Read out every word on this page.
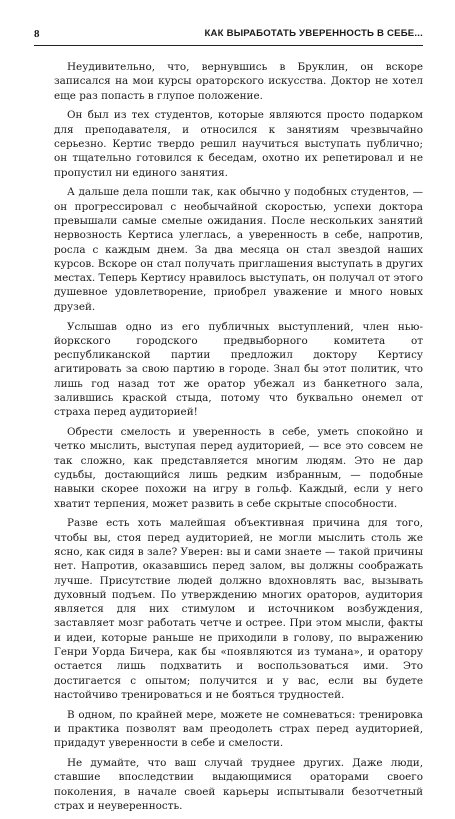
8	КАК ВЫРАБОТАТЬ УВЕРЕННОСТЬ В СЕБЕ...

Неудивительно, что, вернувшись в Бруклин, он вскоре записался на мои курсы ораторского искусства. Доктор не хотел еще раз попасть в глупое положение.

Он был из тех студентов, которые являются просто подарком для преподавателя, и относился к занятиям чрезвычайно серьезно. Кертис твердо решил научиться выступать публично; он тщательно готовился к беседам, охотно их репетировал и не пропустил ни единого занятия.

А дальше дела пошли так, как обычно у подобных студентов, — он прогрессировал с необычайной скоростью, успехи доктора превышали самые смелые ожидания. После нескольких занятий нервозность Кертиса улеглась, а уверенность в себе, напротив, росла с каждым днем. За два месяца он стал звездой наших курсов. Вскоре он стал получать приглашения выступать в других местах. Теперь Кертису нравилось выступать, он получал от этого душевное удовлетворение, приобрел уважение и много новых друзей.

Услышав одно из его публичных выступлений, член нью-йоркского городского предвыборного комитета от республиканской партии предложил доктору Кертису агитировать за свою партию в городе. Знал бы этот политик, что лишь год назад тот же оратор убежал из банкетного зала, залившись краской стыда, потому что буквально онемел от страха перед аудиторией!

Обрести смелость и уверенность в себе, уметь спокойно и четко мыслить, выступая перед аудиторией, — все это совсем не так сложно, как представляется многим людям. Это не дар судьбы, достающийся лишь редким избранным, — подобные навыки скорее похожи на игру в гольф. Каждый, если у него хватит терпения, может развить в себе скрытые способности.

Разве есть хоть малейшая объективная причина для того, чтобы вы, стоя перед аудиторией, не могли мыслить столь же ясно, как сидя в зале? Уверен: вы и сами знаете — такой причины нет. Напротив, оказавшись перед залом, вы должны соображать лучше. Присутствие людей должно вдохновлять вас, вызывать духовный подъем. По утверждению многих ораторов, аудитория является для них стимулом и источником возбуждения, заставляет мозг работать четче и острее. При этом мысли, факты и идеи, которые раньше не приходили в голову, по выражению Генри Уорда Бичера, как бы «появляются из тумана», и оратору остается лишь подхватить и воспользоваться ими. Это достигается с опытом; получится и у вас, если вы будете настойчиво тренироваться и не бояться трудностей.

В одном, по крайней мере, можете не сомневаться: тренировка и практика позволят вам преодолеть страх перед аудиторией, придадут уверенности в себе и смелости.

Не думайте, что ваш случай труднее других. Даже люди, ставшие впоследствии выдающимися ораторами своего поколения, в начале своей карьеры испытывали безотчетный страх и неуверенность.
